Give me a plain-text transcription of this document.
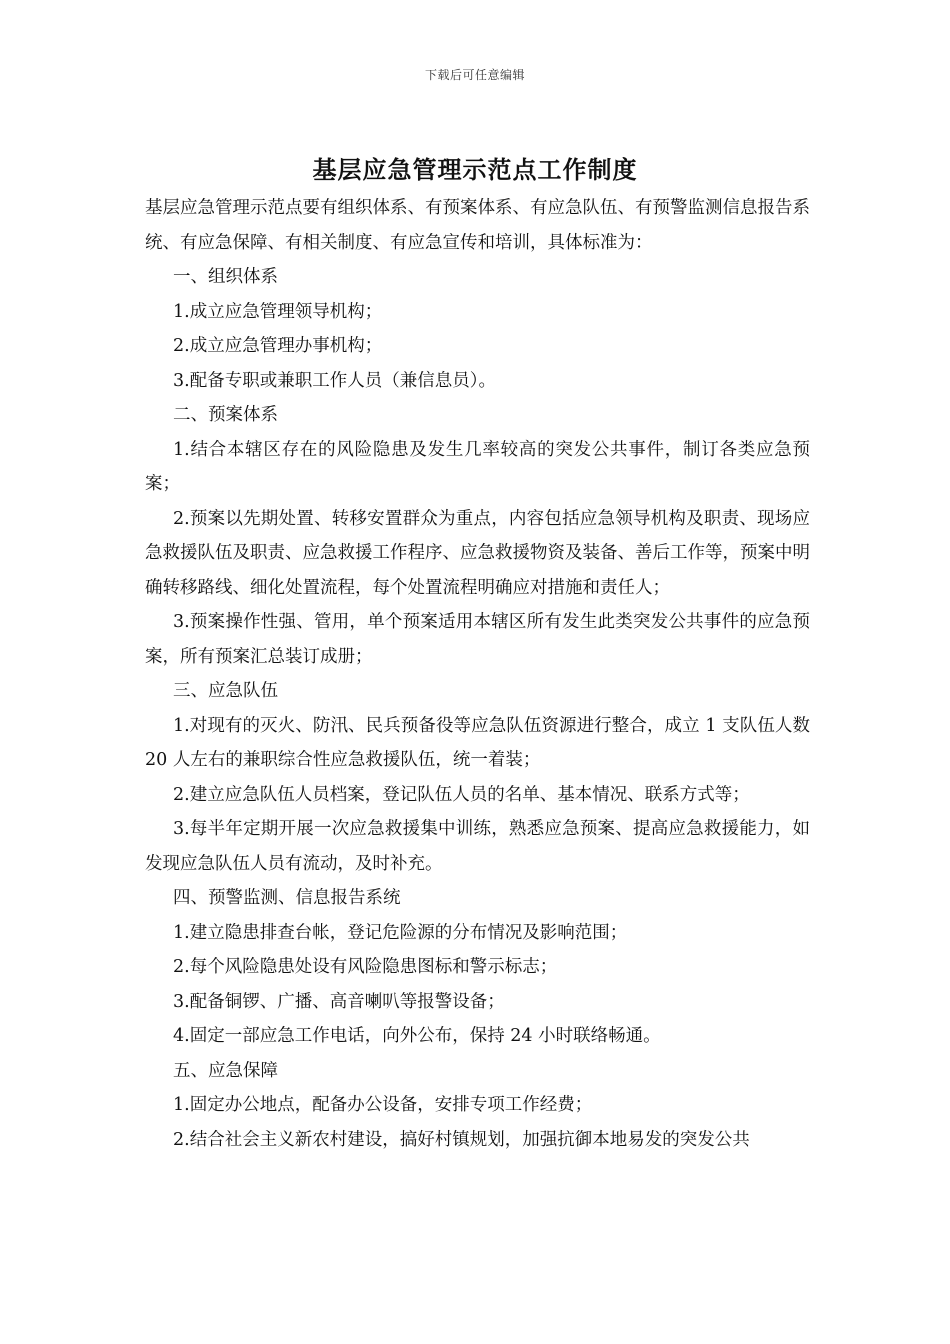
下载后可任意编辑
基层应急管理示范点工作制度

基层应急管理示范点要有组织体系、有预案体系、有应急队伍、有预警监测信息报告系统、有应急保障、有相关制度、有应急宣传和培训，具体标准为：

一、组织体系

1.成立应急管理领导机构；

2.成立应急管理办事机构；

3.配备专职或兼职工作人员（兼信息员）。

二、预案体系

1.结合本辖区存在的风险隐患及发生几率较高的突发公共事件，制订各类应急预案；

2.预案以先期处置、转移安置群众为重点，内容包括应急领导机构及职责、现场应急救援队伍及职责、应急救援工作程序、应急救援物资及装备、善后工作等，预案中明确转移路线、细化处置流程，每个处置流程明确应对措施和责任人；

3.预案操作性强、管用，单个预案适用本辖区所有发生此类突发公共事件的应急预案，所有预案汇总装订成册；

三、应急队伍

1.对现有的灭火、防汛、民兵预备役等应急队伍资源进行整合，成立 1 支队伍人数 20 人左右的兼职综合性应急救援队伍，统一着装；

2.建立应急队伍人员档案，登记队伍人员的名单、基本情况、联系方式等；

3.每半年定期开展一次应急救援集中训练，熟悉应急预案、提高应急救援能力，如发现应急队伍人员有流动，及时补充。

四、预警监测、信息报告系统

1.建立隐患排查台帐，登记危险源的分布情况及影响范围；

2.每个风险隐患处设有风险隐患图标和警示标志；

3.配备铜锣、广播、高音喇叭等报警设备；

4.固定一部应急工作电话，向外公布，保持 24 小时联络畅通。

五、应急保障

1.固定办公地点，配备办公设备，安排专项工作经费；

2.结合社会主义新农村建设，搞好村镇规划，加强抗御本地易发的突发公共
